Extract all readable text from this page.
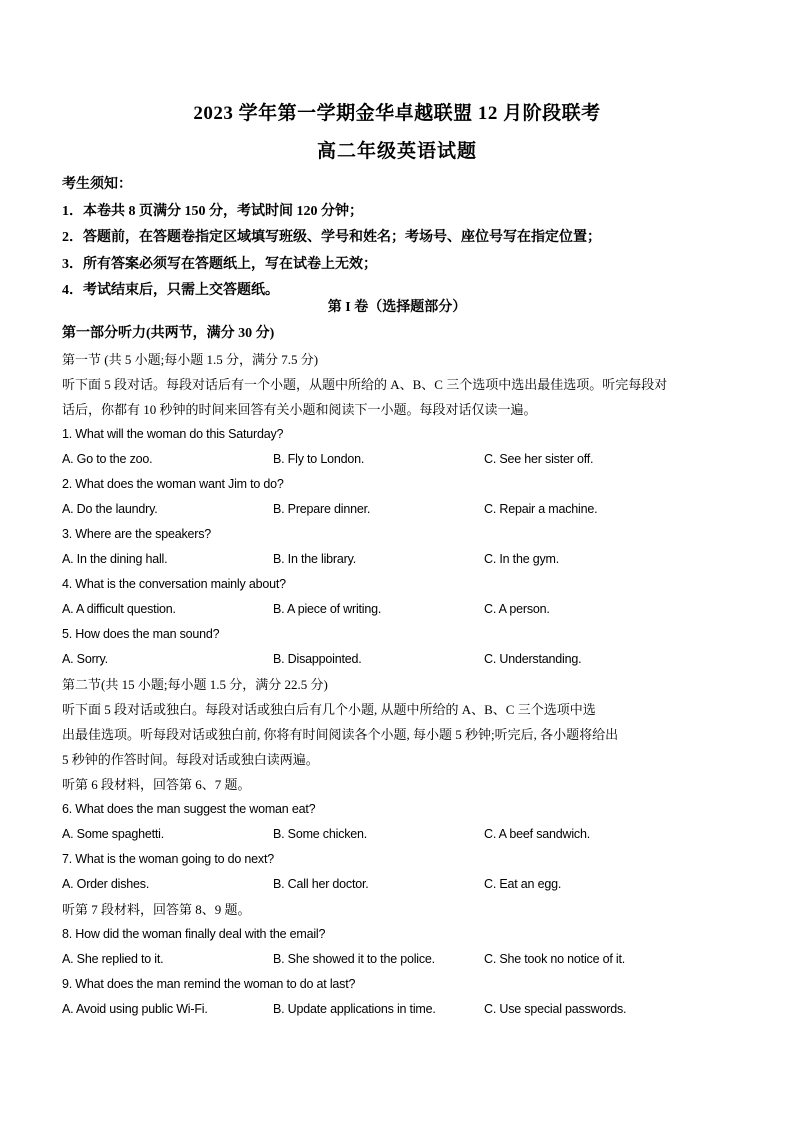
2023 学年第一学期金华卓越联盟 12 月阶段联考
高二年级英语试题
考生须知：
1．本卷共 8 页满分 150 分，考试时间 120 分钟；
2．答题前，在答题卷指定区域填写班级、学号和姓名；考场号、座位号写在指定位置；
3．所有答案必须写在答题纸上，写在试卷上无效；
4．考试结束后，只需上交答题纸。
第 I 卷（选择题部分）
第一部分听力(共两节，满分 30 分)
第一节 (共 5 小题;每小题 1.5 分，满分 7.5 分)
听下面 5 段对话。每段对话后有一个小题，从题中所给的 A、B、C 三个选项中选出最佳选项。听完每段对
话后，你都有 10 秒钟的时间来回答有关小题和阅读下一小题。每段对话仅读一遍。
1. What will the woman do this Saturday?
A. Go to the zoo.	B. Fly to London.	C. See her sister off.
2. What does the woman want Jim to do?
A. Do the laundry.	B. Prepare dinner.	C. Repair a machine.
3. Where are the speakers?
A. In the dining hall.	B. In the library.	C. In the gym.
4. What is the conversation mainly about?
A. A difficult question.	B. A piece of writing.	C. A person.
5. How does the man sound?
A. Sorry.	B. Disappointed.	C. Understanding.
第二节(共 15 小题;每小题 1.5 分，满分 22.5 分)
听下面 5 段对话或独白。每段对话或独白后有几个小题, 从题中所给的 A、B、C 三个选项中选
出最佳选项。听每段对话或独白前, 你将有时间阅读各个小题, 每小题 5 秒钟;听完后, 各小题将给出
5 秒钟的作答时间。每段对话或独白读两遍。
听第 6 段材料，回答第 6、7 题。
6. What does the man suggest the woman eat?
A. Some spaghetti.	B. Some chicken.	C. A beef sandwich.
7. What is the woman going to do next?
A. Order dishes.	B. Call her doctor.	C. Eat an egg.
听第 7 段材料，回答第 8、9 题。
8. How did the woman finally deal with the email?
A. She replied to it.	B. She showed it to the police.	C. She took no notice of it.
9. What does the man remind the woman to do at last?
A. Avoid using public Wi-Fi.	B. Update applications in time.	C. Use special passwords.
